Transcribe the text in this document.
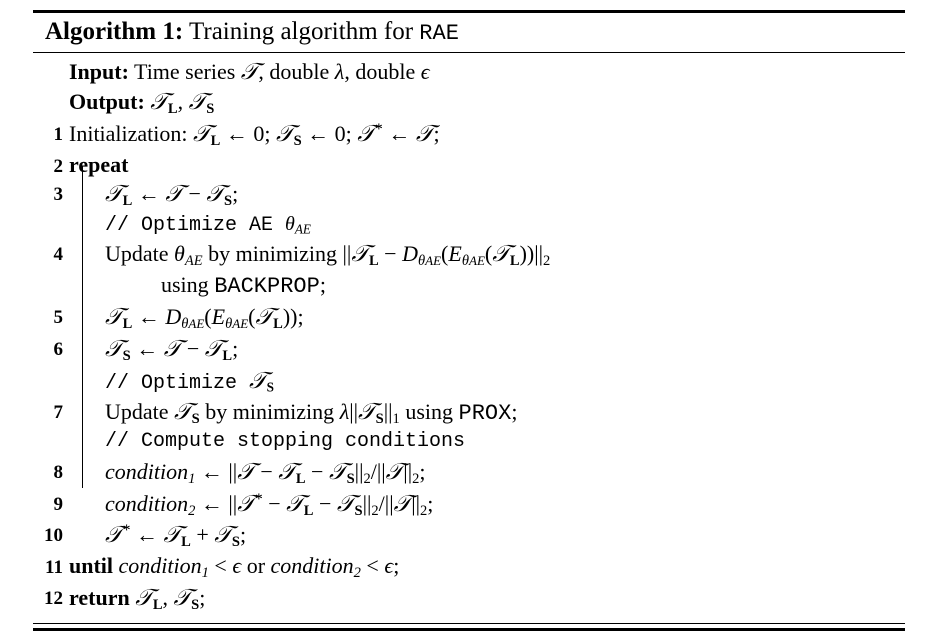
Algorithm 1: Training algorithm for RAE
Input: Time series 𝒯, double λ, double ϵ
Output: 𝒯$_L$, 𝒯$_S$
1 Initialization: 𝒯$_L$ ← 0; 𝒯$_S$ ← 0; 𝒯* ← 𝒯;
2 repeat
3	𝒯$_L$ ← 𝒯 − 𝒯$_S$;
// Optimize AE $\theta_{AE}$
4 Update $\theta_{AE}$ by minimizing ||𝒯$_L$ − $D_{\theta AE}(E_{\theta AE}(𝒯_L))||_2$
using BACKPROP;
5	𝒯$_L$ ← $D_{\theta AE}(E_{\theta AE}(𝒯_L))$;
6	𝒯$_S$ ← 𝒯 − 𝒯$_L$;
// Optimize 𝒯$_S$
7	Update 𝒯$_S$ by minimizing $\lambda||𝒯_S||_1$ using PROX;
// Compute stopping conditions
8	condition$_1$ ← ||𝒯 − 𝒯$_L$ − $𝒯_S||_2/||𝒯||_2$;
9	condition$_2$ ← ||𝒯* − 𝒯$_L$ − $𝒯_S||_2/||𝒯||_2$;
10	𝒯* ← 𝒯$_L$ + 𝒯$_S$;
11 until condition$_1$ < ϵ or condition$_2$ < ϵ;
12 return 𝒯$_L$, 𝒯$_S$;
